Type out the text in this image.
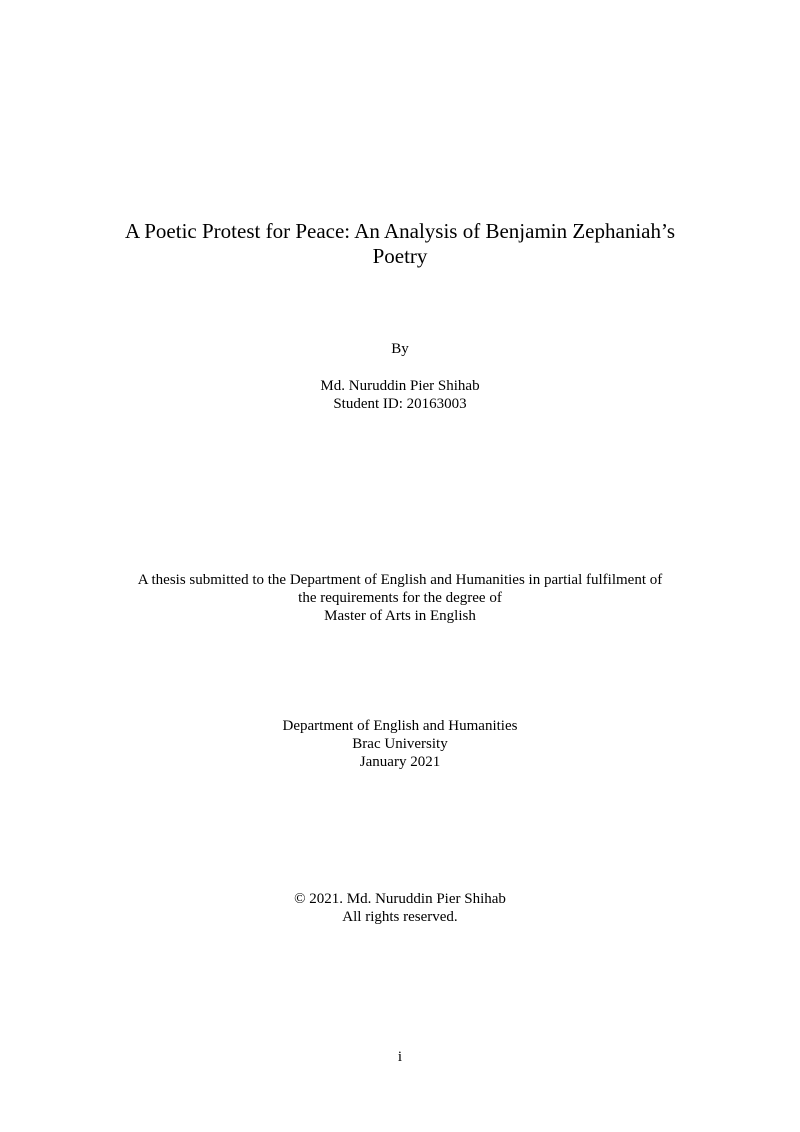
A Poetic Protest for Peace: An Analysis of Benjamin Zephaniah’s
Poetry
By
Md. Nuruddin Pier Shihab
Student ID: 20163003
A thesis submitted to the Department of English and Humanities in partial fulfilment of
the requirements for the degree of
Master of Arts in English
Department of English and Humanities
Brac University
January 2021
© 2021. Md. Nuruddin Pier Shihab
All rights reserved.
i
